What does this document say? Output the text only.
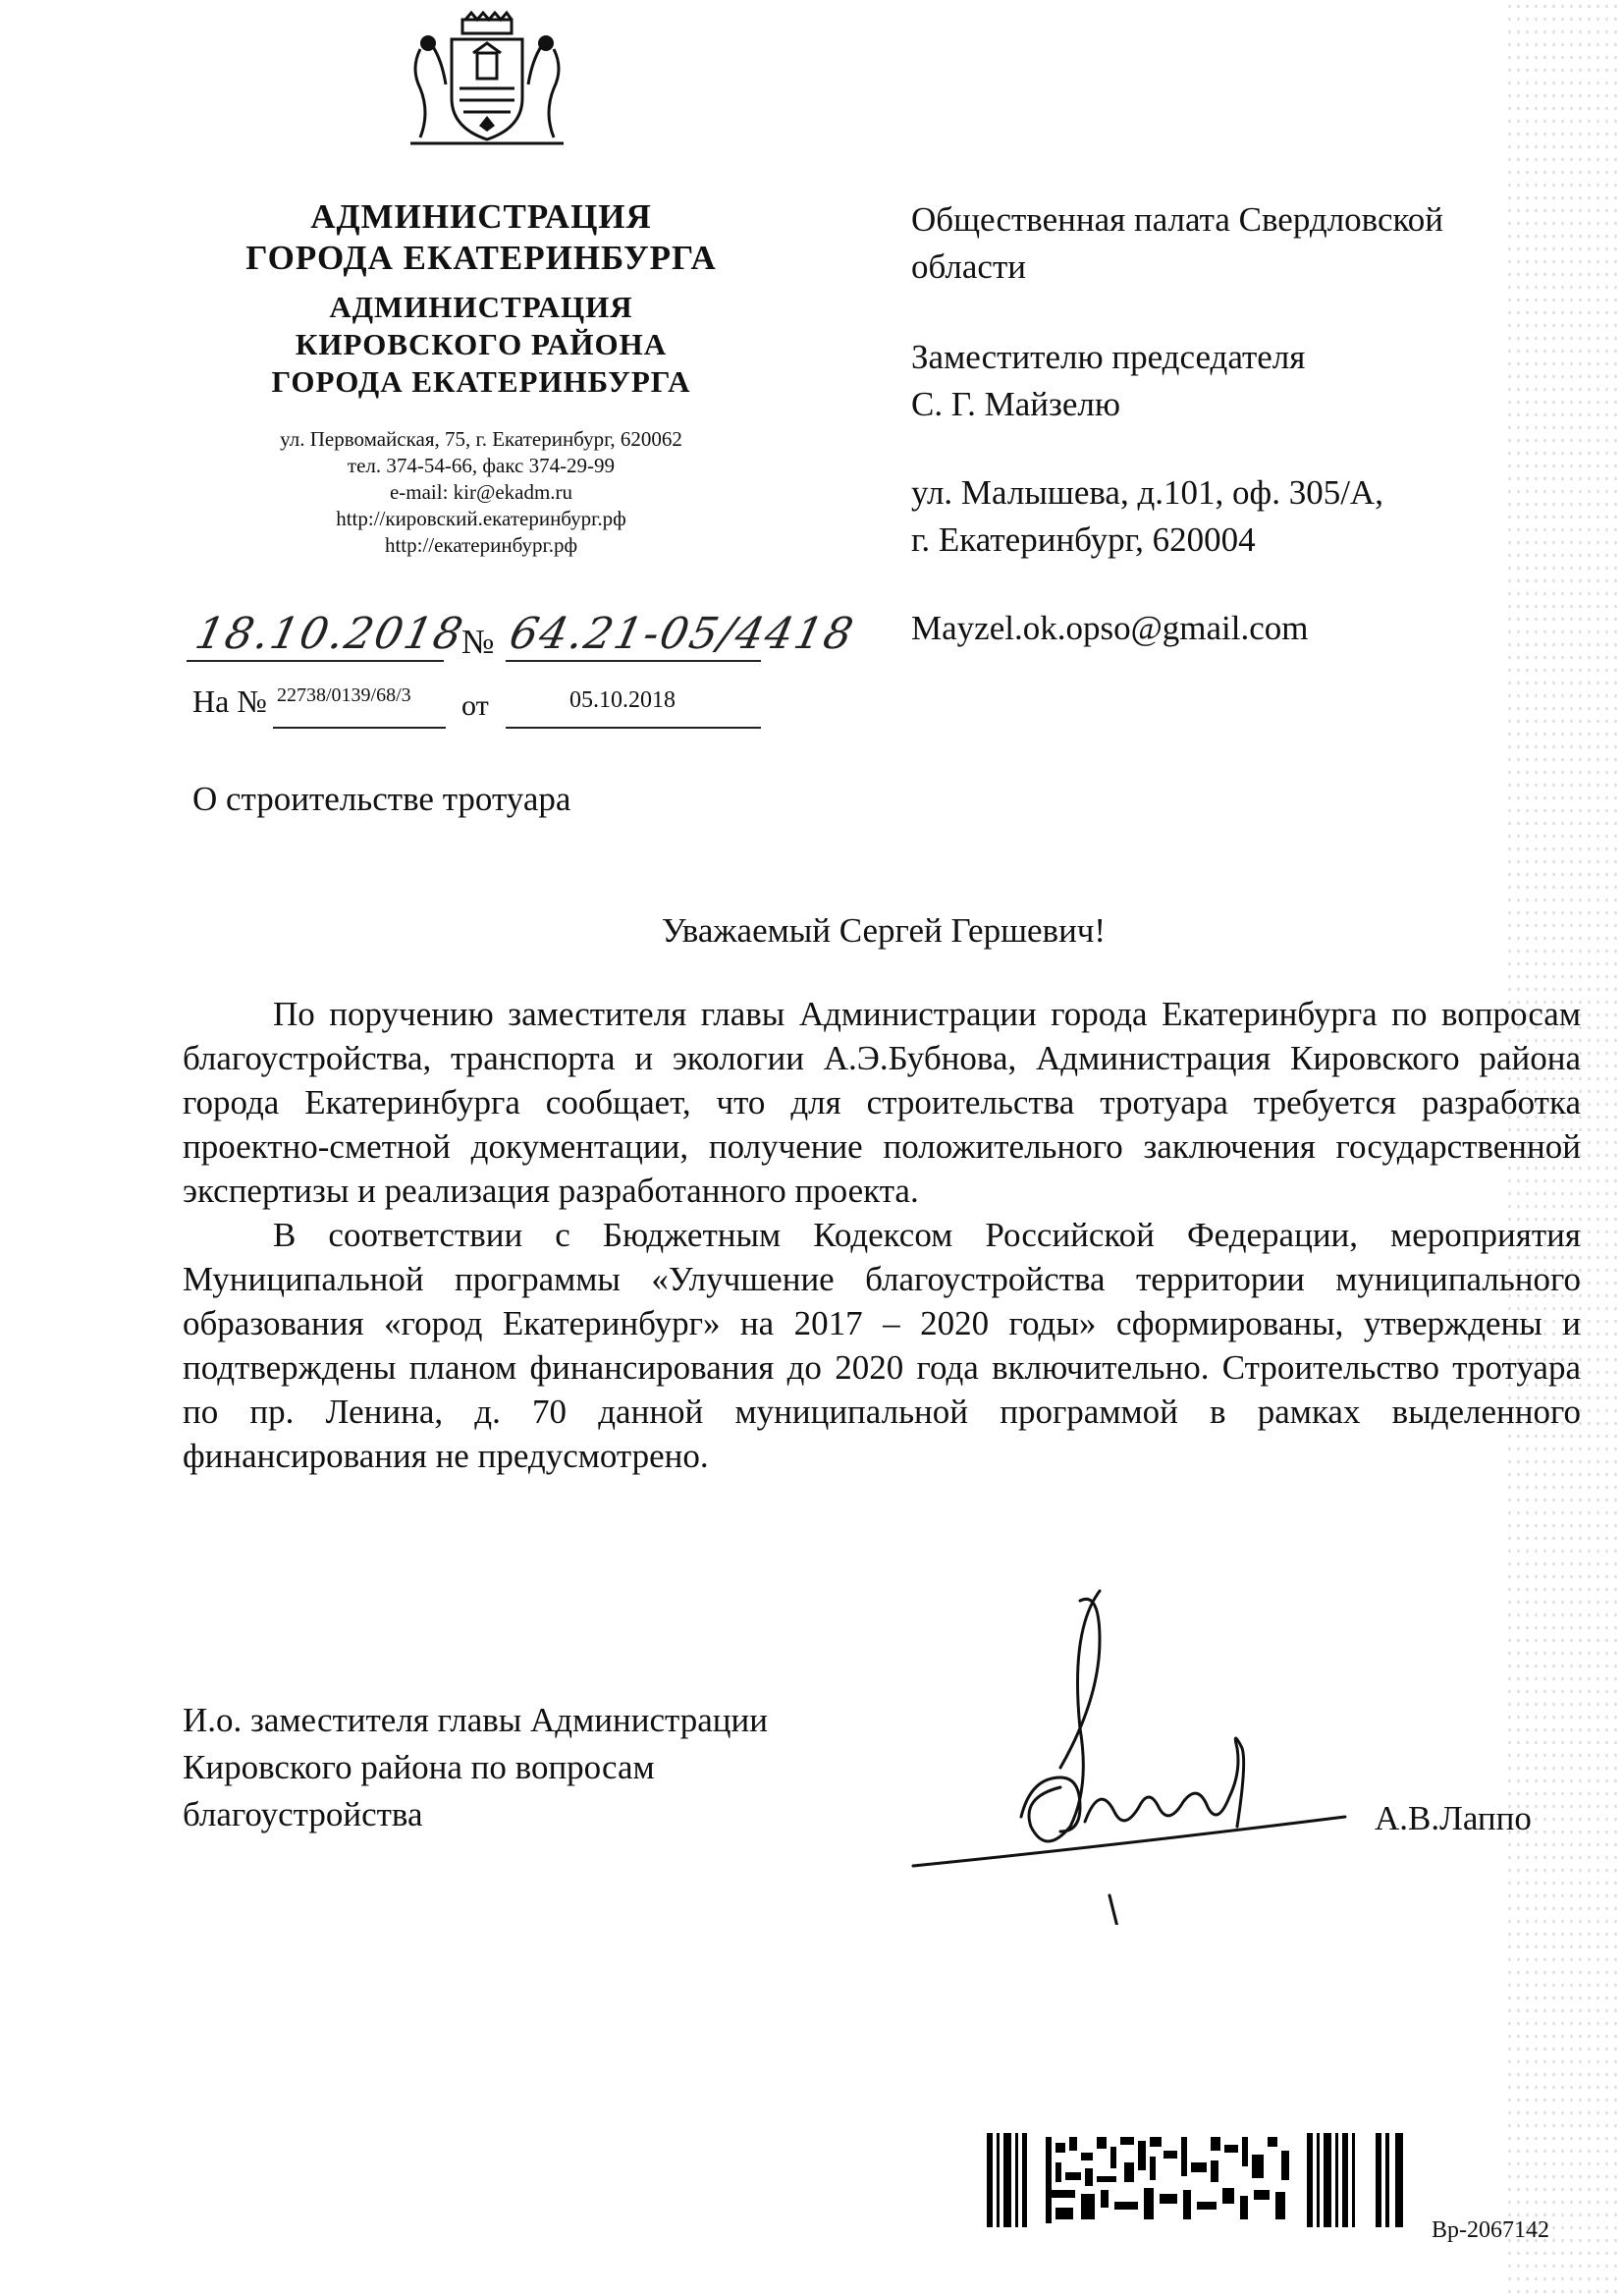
АДМИНИСТРАЦИЯ
ГОРОДА ЕКАТЕРИНБУРГА
АДМИНИСТРАЦИЯ
КИРОВСКОГО РАЙОНА
ГОРОДА ЕКАТЕРИНБУРГА
ул. Первомайская, 75, г. Екатеринбург, 620062
тел. 374-54-66, факс 374-29-99
e-mail: kir@ekadm.ru
http://кировский.екатеринбург.рф
http://екатеринбург.рф
18.10.2018
№ 64.21-05/4418
На № 22738/0139/68/3 от	05.10.2018
Общественная палата Свердловской
области
Заместителю председателя
С. Г. Майзелю
ул. Малышева, д.101, оф. 305/А,
г. Екатеринбург, 620004
Mayzel.ok.opso@gmail.com
О строительстве тротуара
Уважаемый Сергей Гершевич!

По поручению заместителя главы Администрации города Екатеринбурга по вопросам благоустройства, транспорта и экологии А.Э.Бубнова, Администрация Кировского района города Екатеринбурга сообщает, что для строительства тротуара требуется разработка проектно-сметной документации, получение положительного заключения государственной экспертизы и реализация разработанного проекта.

В соответствии с Бюджетным Кодексом Российской Федерации, мероприятия Муниципальной программы «Улучшение благоустройства территории муниципального образования «город Екатеринбург» на 2017 – 2020 годы» сформированы, утверждены и подтверждены планом финансирования до 2020 года включительно. Строительство тротуара по пр. Ленина, д. 70 данной муниципальной программой в рамках выделенного финансирования не предусмотрено.

И.о. заместителя главы Администрации
Кировского района по вопросам
благоустройства	А.В.Лаппо
Вр-2067142
